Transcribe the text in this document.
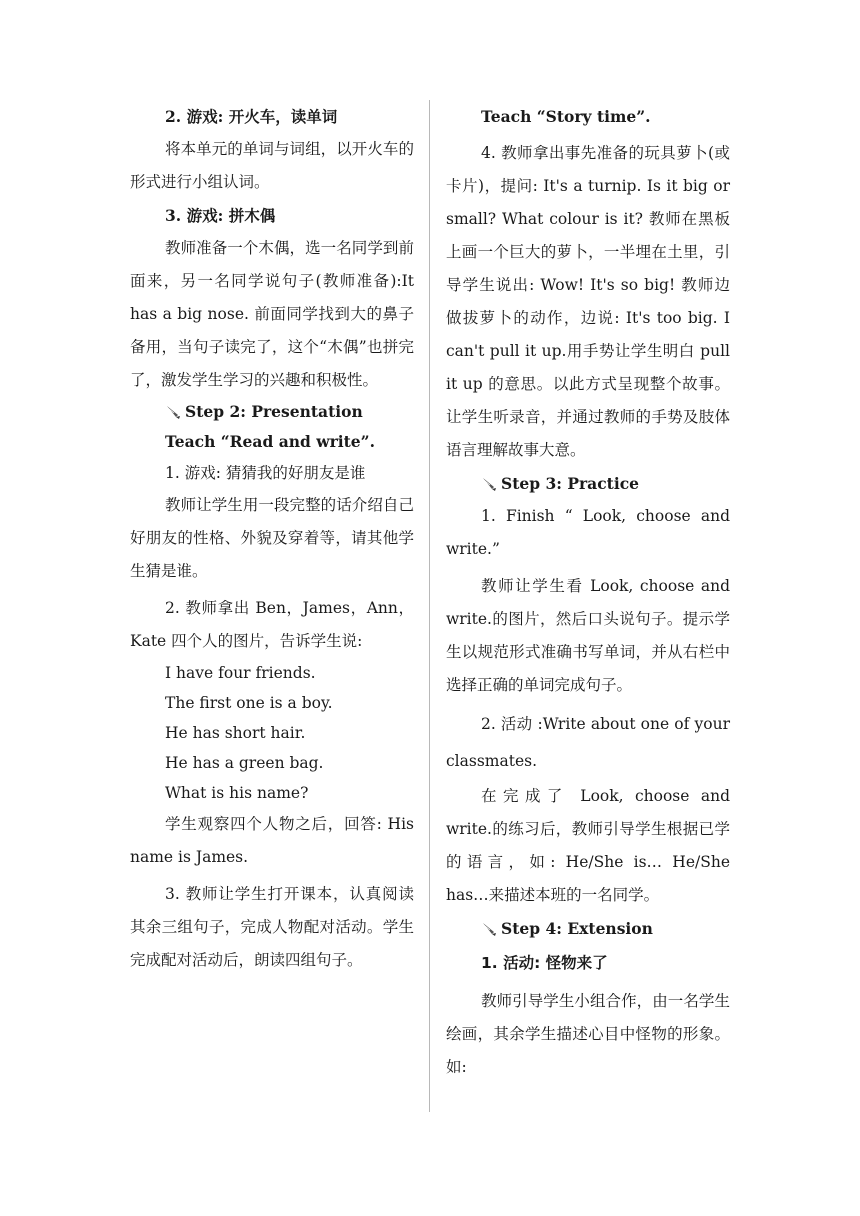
2. 游戏: 开火车，读单词

将本单元的单词与词组，以开火车的形式进行小组认词。

3. 游戏: 拼木偶

教师准备一个木偶，选一名同学到前面来，另一名同学说句子(教师准备):It has a big nose. 前面同学找到大的鼻子备用，当句子读完了，这个“木偶”也拼完了，激发学生学习的兴趣和积极性。

Step 2: Presentation

Teach “Read and write”.

1. 游戏: 猜猜我的好朋友是谁

教师让学生用一段完整的话介绍自己好朋友的性格、外貌及穿着等，请其他学生猜是谁。

2. 教师拿出 Ben，James，Ann，Kate 四个人的图片，告诉学生说:

I have four friends.

The first one is a boy.

He has short hair.

He has a green bag.

What is his name?

学生观察四个人物之后，回答: His name is James.

3. 教师让学生打开课本，认真阅读其余三组句子，完成人物配对活动。学生完成配对活动后，朗读四组句子。

Teach “Story time”.

4. 教师拿出事先准备的玩具萝卜(或卡片)，提问: It's a turnip. Is it big or small? What colour is it? 教师在黑板上画一个巨大的萝卜，一半埋在土里，引导学生说出: Wow! It's so big! 教师边做拔萝卜的动作，边说: It's too big. I can't pull it up.用手势让学生明白 pull it up 的意思。以此方式呈现整个故事。让学生听录音，并通过教师的手势及肢体语言理解故事大意。

Step 3: Practice

1. Finish “ Look, choose and write.”

教师让学生看 Look, choose and write.的图片，然后口头说句子。提示学生以规范形式准确书写单词，并从右栏中选择正确的单词完成句子。

2. 活动 :Write about one of your classmates.

在完成了 Look, choose and write.的练习后，教师引导学生根据已学的语言，如: He/She is… He/She has…来描述本班的一名同学。

Step 4: Extension

1. 活动: 怪物来了

教师引导学生小组合作，由一名学生绘画，其余学生描述心目中怪物的形象。如:
